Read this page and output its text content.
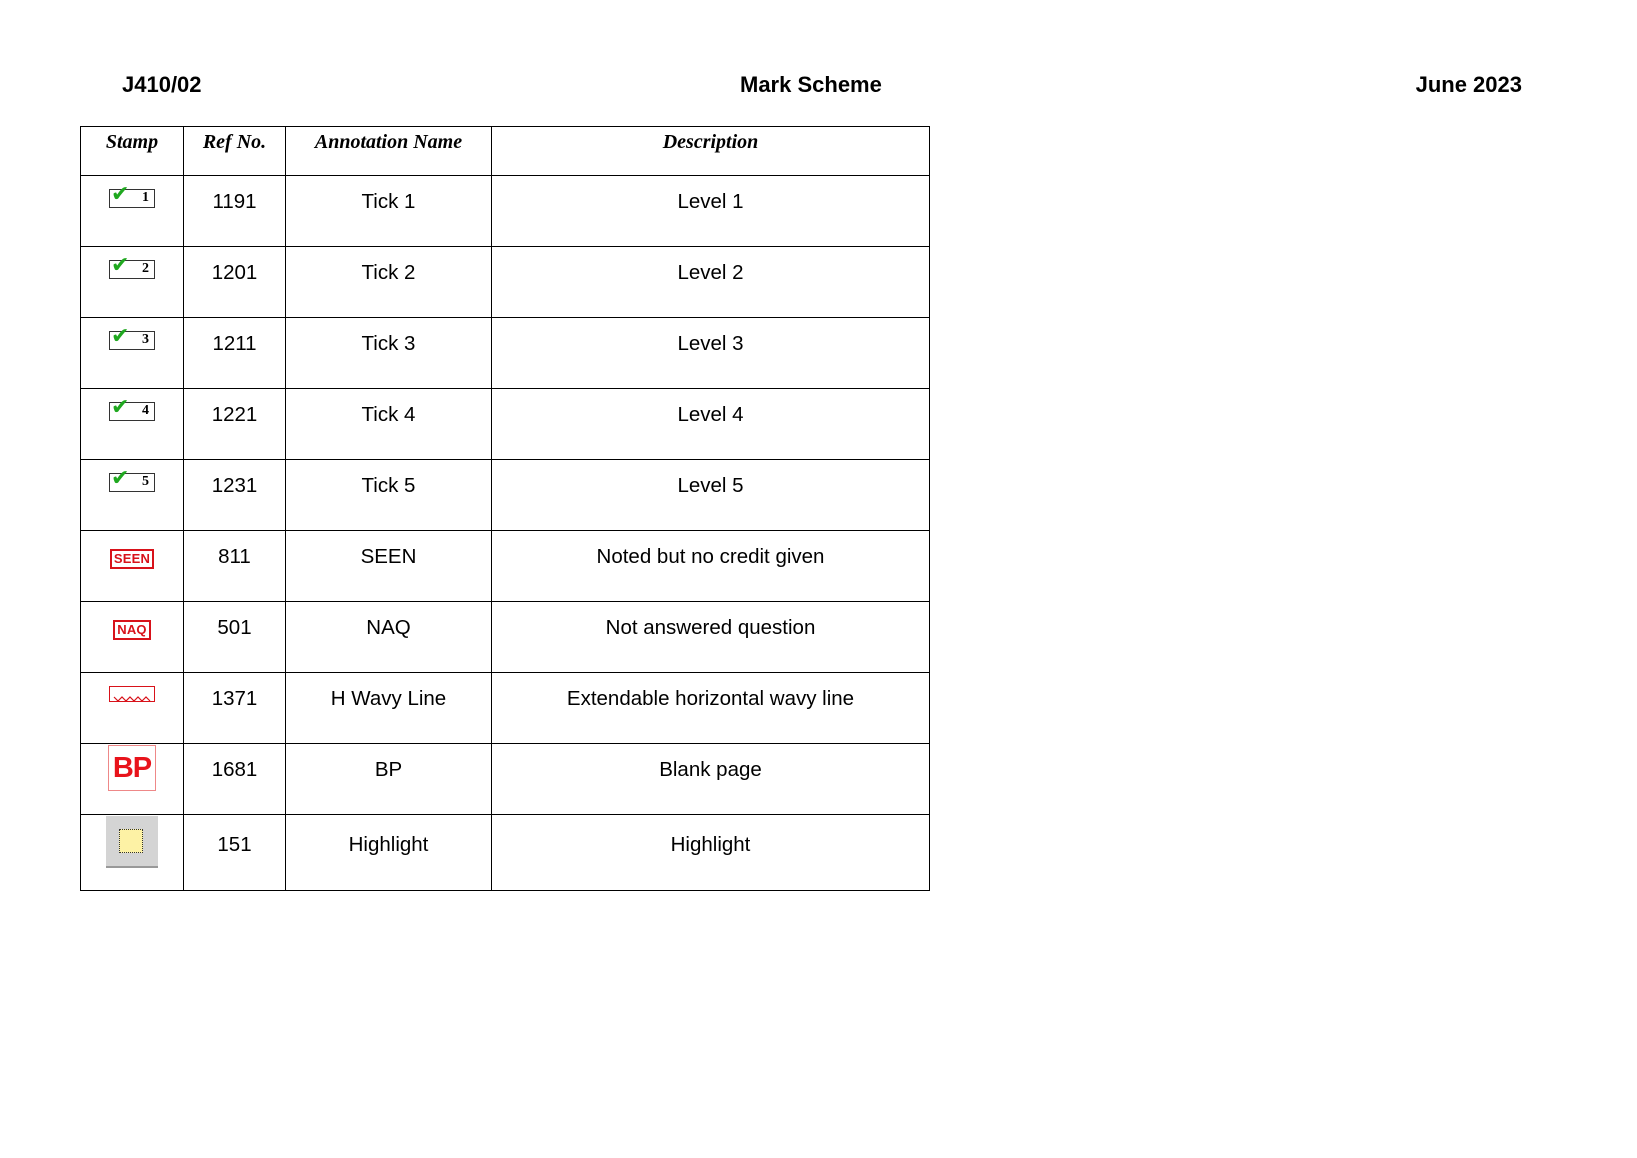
J410/02	Mark Scheme	June 2023
Stamp	Ref No.	Annotation Name	Description

✔ 1	1191	Tick 1	Level 1

✔ 2	1201	Tick 2	Level 2

✔ 3	1211	Tick 3	Level 3

✔ 4	1221	Tick 4	Level 4

✔ 5	1231	Tick 5	Level 5
SEEN	811	SEEN	Noted but no credit given
NAQ	501	NAQ	Not answered question
	1371	H Wavy Line	Extendable horizontal wavy line
BP	1681	BP	Blank page

	151	Highlight	Highlight
